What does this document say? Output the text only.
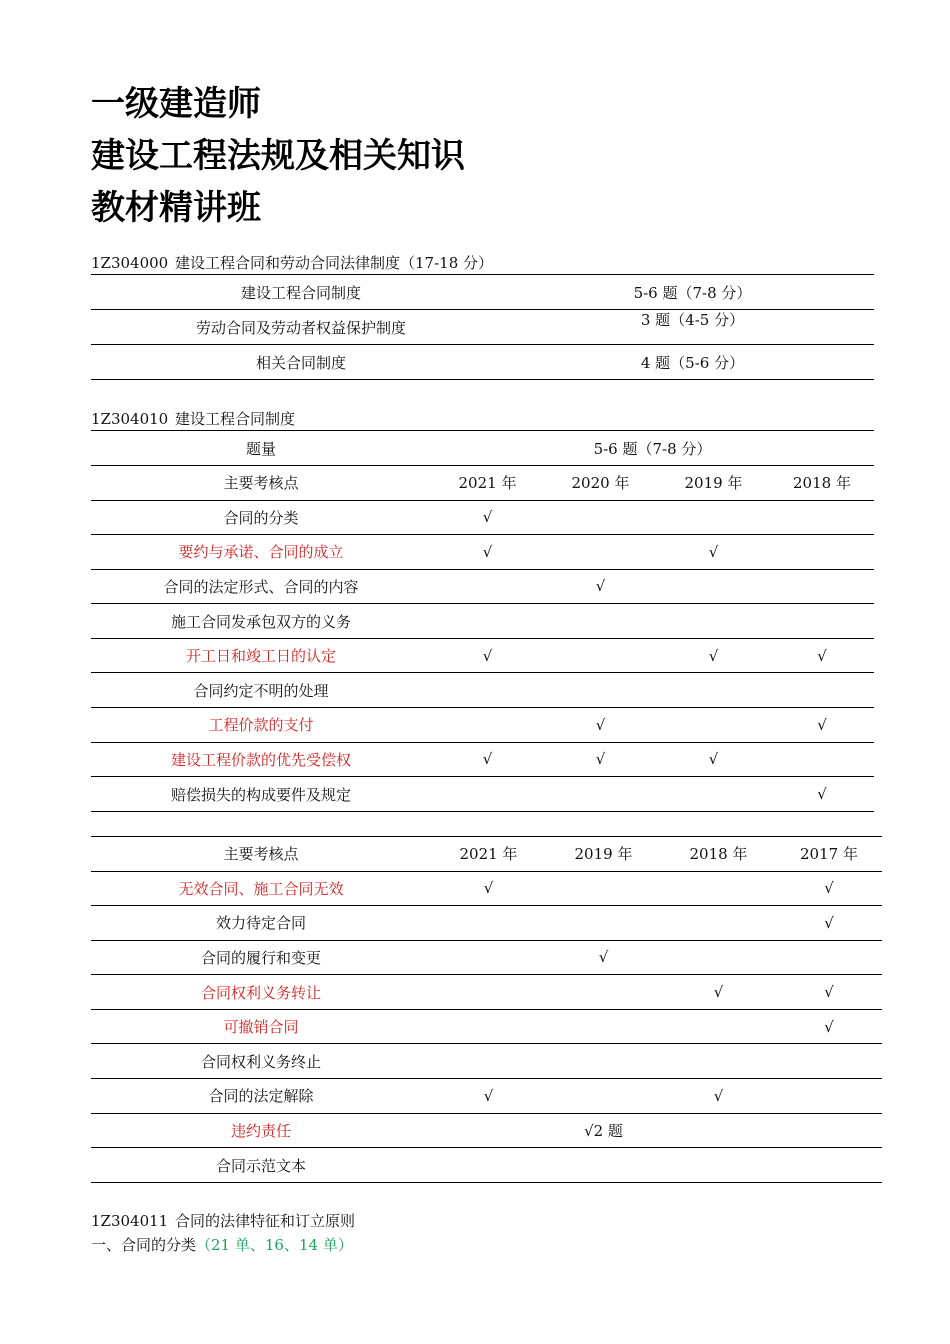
一级建造师
建设工程法规及相关知识
教材精讲班
1Z304000 建设工程合同和劳动合同法律制度（17-18 分）
建设工程合同制度	5-6 题（7-8 分）
劳动合同及劳动者权益保护制度	3 题（4-5 分）
相关合同制度	4 题（5-6 分）
1Z304010 建设工程合同制度
题量	5-6 题（7-8 分）
主要考核点	2021 年	2020 年	2019 年	2018 年
合同的分类	√			
要约与承诺、合同的成立	√		√	
合同的法定形式、合同的内容		√		
施工合同发承包双方的义务				
开工日和竣工日的认定	√		√	√
合同约定不明的处理				
工程价款的支付		√		√
建设工程价款的优先受偿权	√	√	√	
赔偿损失的构成要件及规定				√
主要考核点	2021 年	2019 年	2018 年	2017 年
无效合同、施工合同无效	√			√
效力待定合同				√
合同的履行和变更		√		
合同权利义务转让			√	√
可撤销合同				√
合同权利义务终止				
合同的法定解除	√		√	
违约责任		√2 题		
合同示范文本				
1Z304011 合同的法律特征和订立原则
一、合同的分类（21 单、16、14 单）
